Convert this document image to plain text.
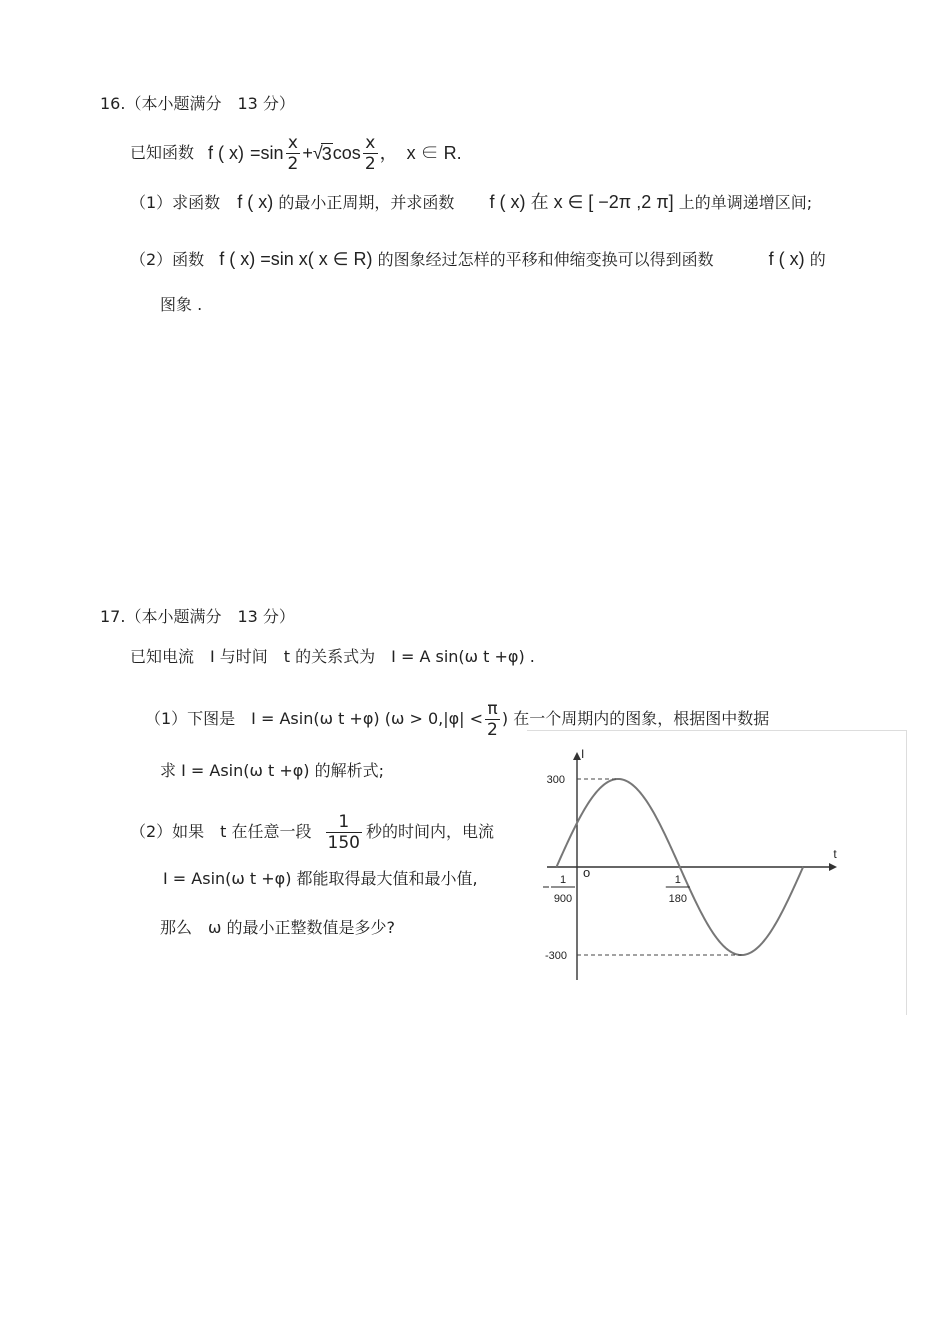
16.（本小题满分　13 分）
已知函数 f ( $x) = \sin \frac{x}{2}$ + √ 3 $\cos \frac{x}{2}$ ，　x ∈ R.
（1）求函数 f ( x) 的最小正周期，并求函数 f ( x) 在 x ∈ [ −2π ,2 π] 上的单调递增区间;
（2）函数 f ( x) =sin x( x ∈ R) 的图象经过怎样的平移和伸缩变换可以得到函数	f ( x) 的
图象 .
17.（本小题满分　13 分）
已知电流　I 与时间　t 的关系式为　I = A sin(ω t +φ) .
（1）下图是　I = Asin(ω t +φ) (ω > 0, $|\varphi| < \frac{\pi}{2}$ ) 在一个周期内的图象，根据图中数据
求 I = Asin(ω t +φ) 的解析式;
（2）如果　t 在任意一段 $\frac{1}{150}$ 秒的时间内，电流
I = Asin(ω t +φ) 都能取得最大值和最小值,
那么　ω 的最小正整数值是多少?
t
I
o
300
-300
1
900
1
180
